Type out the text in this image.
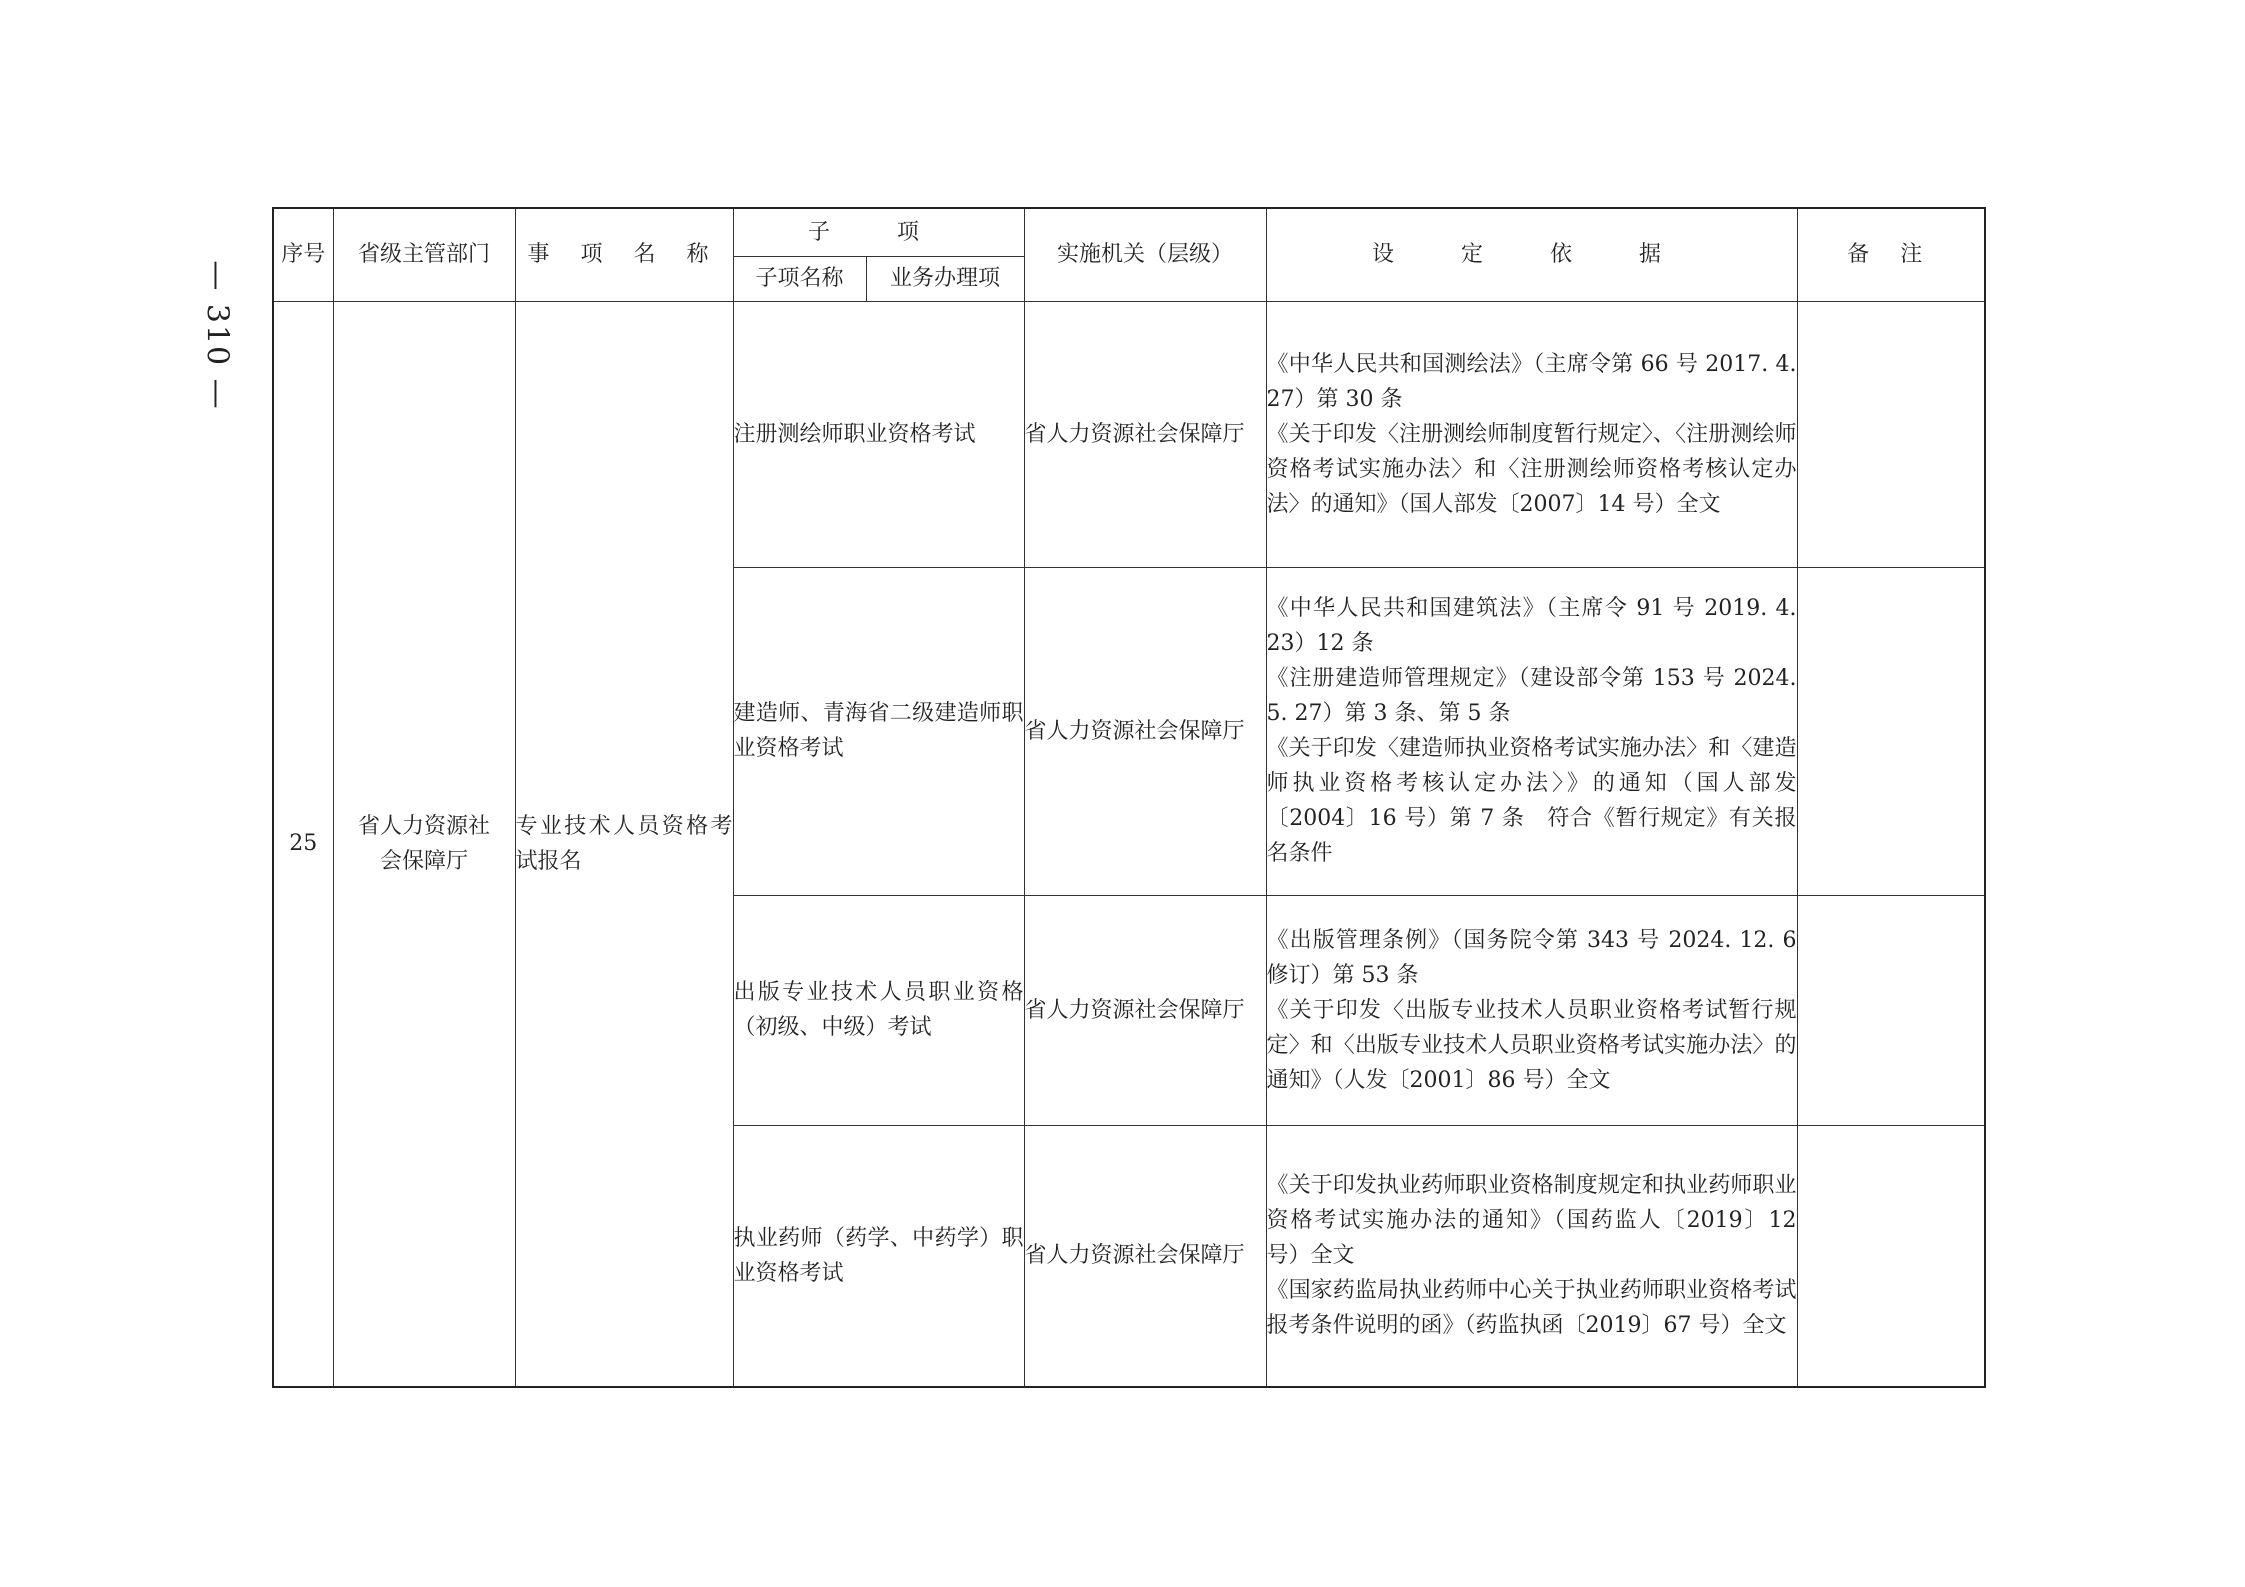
— 310 —
序号	省级主管部门	事 项 名 称	子 项		实施机关（层级）	设 定 依 据	备 注
			子项名称	业务办理项			
25	省人力资源社会保障厅	专业技术人员资格考试报名	注册测绘师职业资格考试		省人力资源社会保障厅	《中华人民共和国测绘法》（主席令第 66 号 2017. 4. 27）第 30 条
《关于印发〈注册测绘师制度暂行规定〉、〈注册测绘师资格考试实施办法〉和〈注册测绘师资格考核认定办法〉的通知》（国人部发〔2007〕14 号）全文	

			建造师、青海省二级建造师职业资格考试		省人力资源社会保障厅	《中华人民共和国建筑法》（主席令 91 号 2019. 4. 23）12 条
《注册建造师管理规定》（建设部令第 153 号 2024. 5. 27）第 3 条、第 5 条
《关于印发〈建造师执业资格考试实施办法〉和〈建造师执业资格考核认定办法〉》的通知（国人部发〔2004〕16 号）第 7 条　符合《暂行规定》有关报名条件	

			出版专业技术人员职业资格（初级、中级）考试		省人力资源社会保障厅	《出版管理条例》（国务院令第 343 号 2024. 12. 6 修订）第 53 条
《关于印发〈出版专业技术人员职业资格考试暂行规定〉和〈出版专业技术人员职业资格考试实施办法〉的通知》（人发〔2001〕86 号）全文	

			执业药师（药学、中药学）职业资格考试		省人力资源社会保障厅	《关于印发执业药师职业资格制度规定和执业药师职业资格考试实施办法的通知》（国药监人〔2019〕12 号）全文
《国家药监局执业药师中心关于执业药师职业资格考试报考条件说明的函》（药监执函〔2019〕67 号）全文	
